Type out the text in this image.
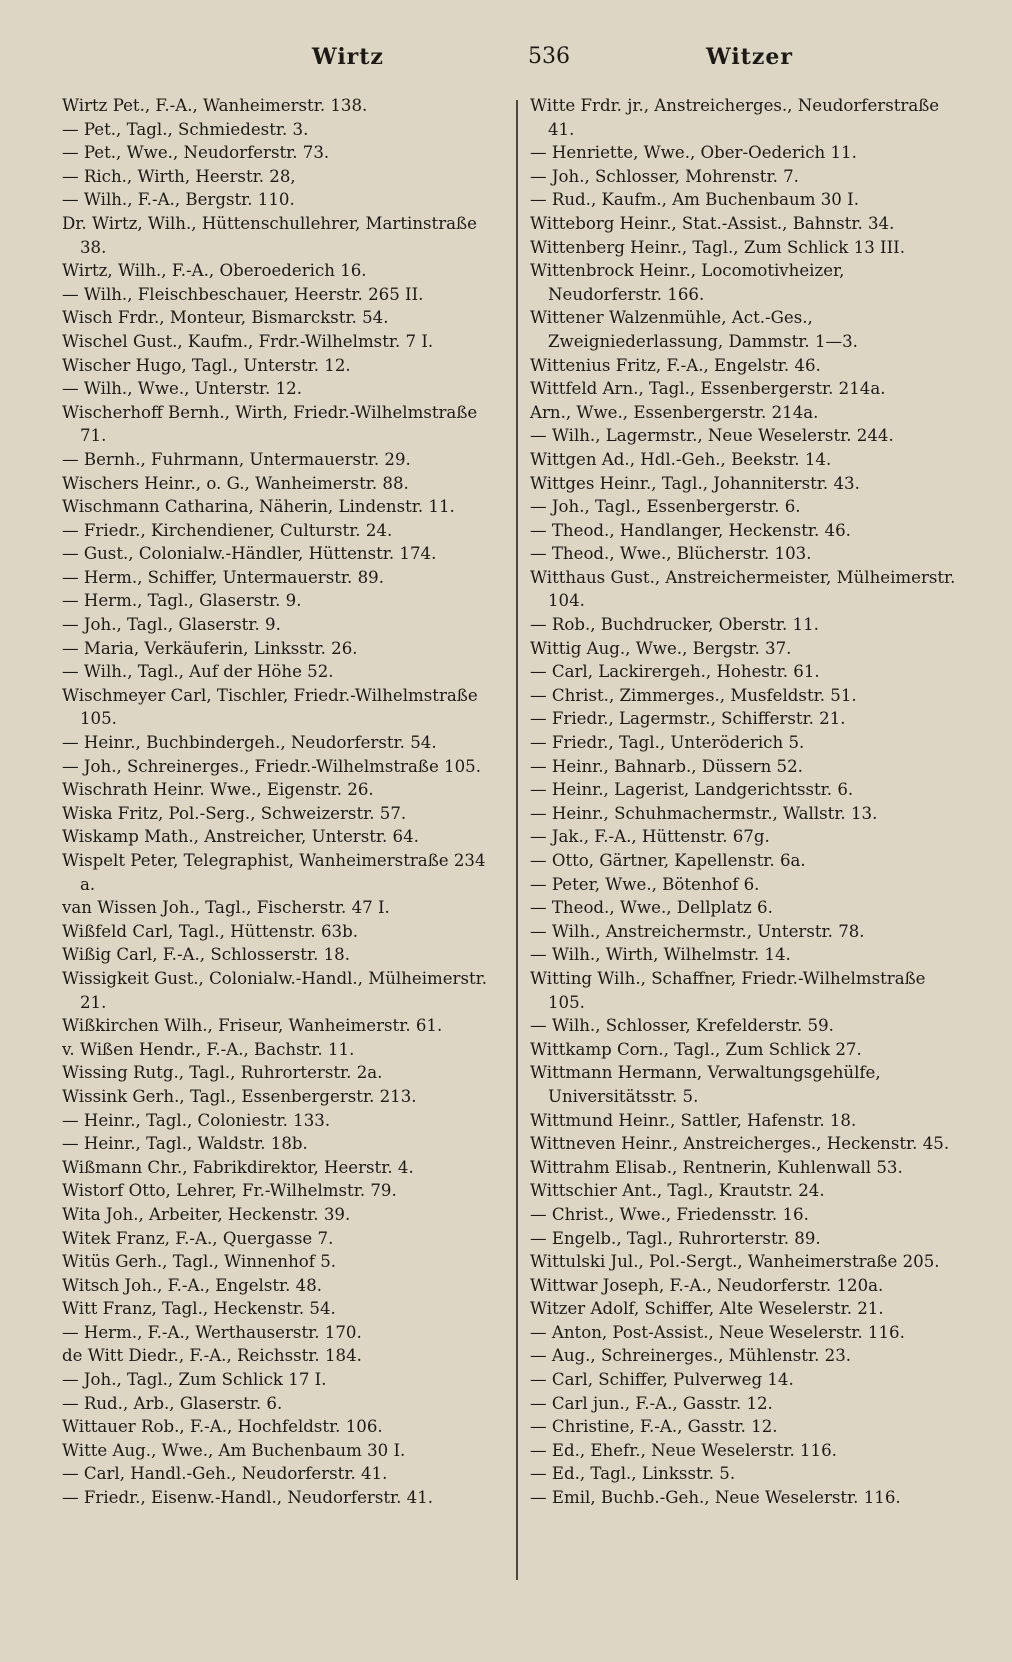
Wirtz	536	Witzer
Wirtz Pet., F.-A., Wanheimerstr. 138.
— Pet., Tagl., Schmiedestr. 3.
— Pet., Wwe., Neudorferstr. 73.
— Rich., Wirth, Heerstr. 28,
— Wilh., F.-A., Bergstr. 110.
Dr. Wirtz, Wilh., Hüttenschullehrer, Martinstraße 38.
Wirtz, Wilh., F.-A., Oberoederich 16.
— Wilh., Fleischbeschauer, Heerstr. 265 II.
Wisch Frdr., Monteur, Bismarckstr. 54.
Wischel Gust., Kaufm., Frdr.-Wilhelmstr. 7 I.
Wischer Hugo, Tagl., Unterstr. 12.
— Wilh., Wwe., Unterstr. 12.
Wischerhoff Bernh., Wirth, Friedr.-Wilhelmstraße 71.
— Bernh., Fuhrmann, Untermauerstr. 29.
Wischers Heinr., o. G., Wanheimerstr. 88.
Wischmann Catharina, Näherin, Lindenstr. 11.
— Friedr., Kirchendiener, Culturstr. 24.
— Gust., Colonialw.-Händler, Hüttenstr. 174.
— Herm., Schiffer, Untermauerstr. 89.
— Herm., Tagl., Glaserstr. 9.
— Joh., Tagl., Glaserstr. 9.
— Maria, Verkäuferin, Linksstr. 26.
— Wilh., Tagl., Auf der Höhe 52.
Wischmeyer Carl, Tischler, Friedr.-Wilhelmstraße 105.
— Heinr., Buchbindergeh., Neudorferstr. 54.
— Joh., Schreinerges., Friedr.-Wilhelmstraße 105.
Wischrath Heinr. Wwe., Eigenstr. 26.
Wiska Fritz, Pol.-Serg., Schweizerstr. 57.
Wiskamp Math., Anstreicher, Unterstr. 64.
Wispelt Peter, Telegraphist, Wanheimerstraße 234 a.
van Wissen Joh., Tagl., Fischerstr. 47 I.
Wißfeld Carl, Tagl., Hüttenstr. 63b.
Wißig Carl, F.-A., Schlosserstr. 18.
Wissigkeit Gust., Colonialw.-Handl., Mülheimerstr. 21.
Wißkirchen Wilh., Friseur, Wanheimerstr. 61.
v. Wißen Hendr., F.-A., Bachstr. 11.
Wissing Rutg., Tagl., Ruhrorterstr. 2a.
Wissink Gerh., Tagl., Essenbergerstr. 213.
— Heinr., Tagl., Coloniestr. 133.
— Heinr., Tagl., Waldstr. 18b.
Wißmann Chr., Fabrikdirektor, Heerstr. 4.
Wistorf Otto, Lehrer, Fr.-Wilhelmstr. 79.
Wita Joh., Arbeiter, Heckenstr. 39.
Witek Franz, F.-A., Quergasse 7.
Witüs Gerh., Tagl., Winnenhof 5.
Witsch Joh., F.-A., Engelstr. 48.
Witt Franz, Tagl., Heckenstr. 54.
— Herm., F.-A., Werthauserstr. 170.
de Witt Diedr., F.-A., Reichsstr. 184.
— Joh., Tagl., Zum Schlick 17 I.
— Rud., Arb., Glaserstr. 6.
Wittauer Rob., F.-A., Hochfeldstr. 106.
Witte Aug., Wwe., Am Buchenbaum 30 I.
— Carl, Handl.-Geh., Neudorferstr. 41.
— Friedr., Eisenw.-Handl., Neudorferstr. 41.
Witte Frdr. jr., Anstreicherges., Neudorferstraße 41.
— Henriette, Wwe., Ober-Oederich 11.
— Joh., Schlosser, Mohrenstr. 7.
— Rud., Kaufm., Am Buchenbaum 30 I.
Witteborg Heinr., Stat.-Assist., Bahnstr. 34.
Wittenberg Heinr., Tagl., Zum Schlick 13 III.
Wittenbrock Heinr., Locomotivheizer, Neudorferstr. 166.
Wittener Walzenmühle, Act.-Ges., Zweigniederlassung, Dammstr. 1—3.
Wittenius Fritz, F.-A., Engelstr. 46.
Wittfeld Arn., Tagl., Essenbergerstr. 214a.
Arn., Wwe., Essenbergerstr. 214a.
— Wilh., Lagermstr., Neue Weselerstr. 244.
Wittgen Ad., Hdl.-Geh., Beekstr. 14.
Wittges Heinr., Tagl., Johanniterstr. 43.
— Joh., Tagl., Essenbergerstr. 6.
— Theod., Handlanger, Heckenstr. 46.
— Theod., Wwe., Blücherstr. 103.
Witthaus Gust., Anstreichermeister, Mülheimerstr. 104.
— Rob., Buchdrucker, Oberstr. 11.
Wittig Aug., Wwe., Bergstr. 37.
— Carl, Lackirergeh., Hohestr. 61.
— Christ., Zimmerges., Musfeldstr. 51.
— Friedr., Lagermstr., Schifferstr. 21.
— Friedr., Tagl., Unteröderich 5.
— Heinr., Bahnarb., Düssern 52.
— Heinr., Lagerist, Landgerichtsstr. 6.
— Heinr., Schuhmachermstr., Wallstr. 13.
— Jak., F.-A., Hüttenstr. 67g.
— Otto, Gärtner, Kapellenstr. 6a.
— Peter, Wwe., Bötenhof 6.
— Theod., Wwe., Dellplatz 6.
— Wilh., Anstreichermstr., Unterstr. 78.
— Wilh., Wirth, Wilhelmstr. 14.
Witting Wilh., Schaffner, Friedr.-Wilhelmstraße 105.
— Wilh., Schlosser, Krefelderstr. 59.
Wittkamp Corn., Tagl., Zum Schlick 27.
Wittmann Hermann, Verwaltungsgehülfe, Universitätsstr. 5.
Wittmund Heinr., Sattler, Hafenstr. 18.
Wittneven Heinr., Anstreicherges., Heckenstr. 45.
Wittrahm Elisab., Rentnerin, Kuhlenwall 53.
Wittschier Ant., Tagl., Krautstr. 24.
— Christ., Wwe., Friedensstr. 16.
— Engelb., Tagl., Ruhrorterstr. 89.
Wittulski Jul., Pol.-Sergt., Wanheimerstraße 205.
Wittwar Joseph, F.-A., Neudorferstr. 120a.
Witzer Adolf, Schiffer, Alte Weselerstr. 21.
— Anton, Post-Assist., Neue Weselerstr. 116.
— Aug., Schreinerges., Mühlenstr. 23.
— Carl, Schiffer, Pulverweg 14.
— Carl jun., F.-A., Gasstr. 12.
— Christine, F.-A., Gasstr. 12.
— Ed., Ehefr., Neue Weselerstr. 116.
— Ed., Tagl., Linksstr. 5.
— Emil, Buchb.-Geh., Neue Weselerstr. 116.
